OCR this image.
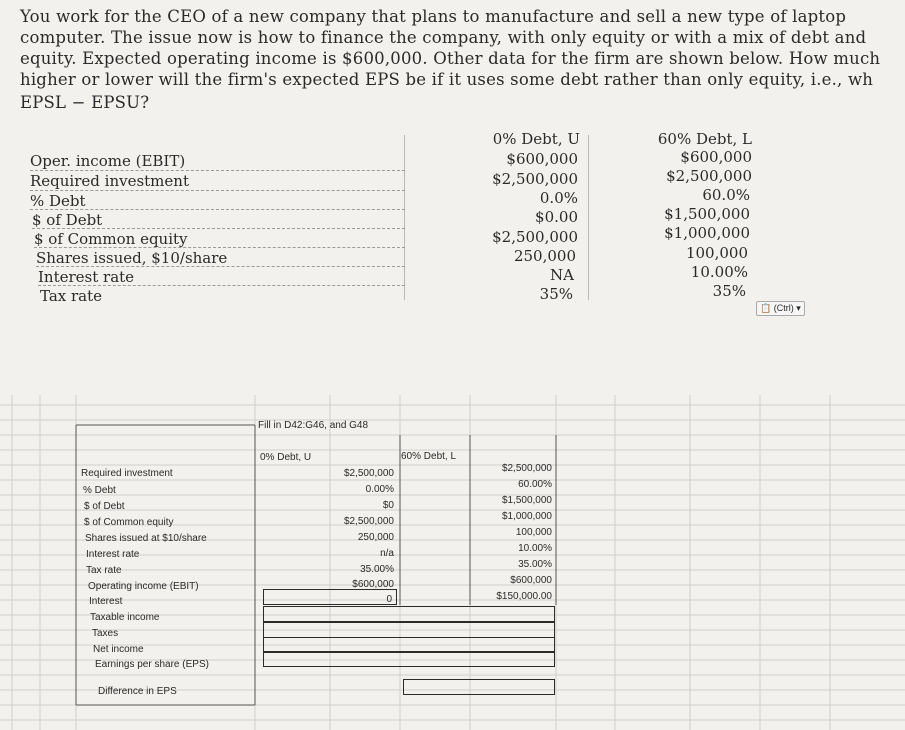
You work for the CEO of a new company that plans to manufacture and sell a new type of laptop

computer. The issue now is how to finance the company, with only equity or with a mix of debt and

equity. Expected operating income is $600,000. Other data for the firm are shown below. How much

higher or lower will the firm's expected EPS be if it uses some debt rather than only equity, i.e., wh

EPSL − EPSU?

0% Debt, U	60% Debt, L
Oper. income (EBIT)
Required investment
% Debt
$ of Debt
$ of Common equity
Shares issued, $10/share
Interest rate
Tax rate
$600,000
$2,500,000
0.0%
$0.00
$2,500,000
250,000
NA
35%
$600,000
$2,500,000
60.0%
$1,500,000
$1,000,000
100,000
10.00%
35%
📋 (Ctrl) ▾
Fill in D42:G46, and G48
0% Debt, U	60% Debt, L
Required investment
% Debt
$ of Debt
$ of Common equity
Shares issued at $10/share
Interest rate
Tax rate
Operating income (EBIT)
Interest
Taxable income
Taxes
Net income
Earnings per share (EPS)
Difference in EPS
$2,500,000
0.00%
$0
$2,500,000
250,000
n/a
35.00%
$600,000
0
$2,500,000
60.00%
$1,500,000
$1,000,000
100,000
10.00%
35.00%
$600,000
$150,000.00
